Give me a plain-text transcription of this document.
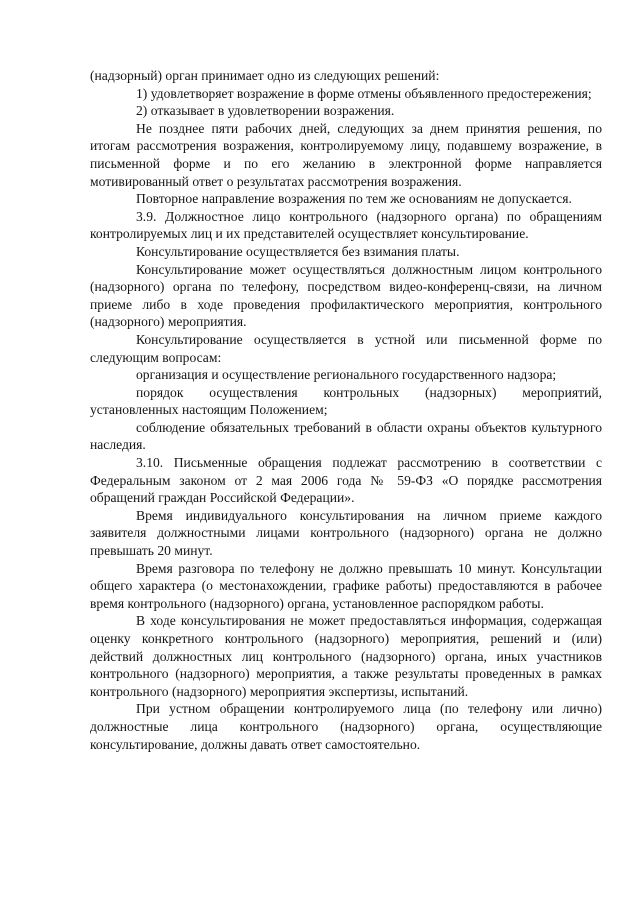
(надзорный) орган принимает одно из следующих решений:

1) удовлетворяет возражение в форме отмены объявленного предостережения;

2) отказывает в удовлетворении возражения.

Не позднее пяти рабочих дней, следующих за днем принятия решения, по итогам рассмотрения возражения, контролируемому лицу, подавшему возражение, в письменной форме и по его желанию в электронной форме направляется мотивированный ответ о результатах рассмотрения возражения.

Повторное направление возражения по тем же основаниям не допускается.

3.9. Должностное лицо контрольного (надзорного органа) по обращениям контролируемых лиц и их представителей осуществляет консультирование.

Консультирование осуществляется без взимания платы.

Консультирование может осуществляться должностным лицом контрольного (надзорного) органа по телефону, посредством видео-конференц-связи, на личном приеме либо в ходе проведения профилактического мероприятия, контрольного (надзорного) мероприятия.

Консультирование осуществляется в устной или письменной форме по следующим вопросам:

организация и осуществление регионального государственного надзора;

порядок осуществления контрольных (надзорных) мероприятий, установленных настоящим Положением;

соблюдение обязательных требований в области охраны объектов культурного наследия.

3.10. Письменные обращения подлежат рассмотрению в соответствии с Федеральным законом от 2 мая 2006 года № 59-ФЗ «О порядке рассмотрения обращений граждан Российской Федерации».

Время индивидуального консультирования на личном приеме каждого заявителя должностными лицами контрольного (надзорного) органа не должно превышать 20 минут.

Время разговора по телефону не должно превышать 10 минут. Консультации общего характера (о местонахождении, графике работы) предоставляются в рабочее время контрольного (надзорного) органа, установленное распорядком работы.

В ходе консультирования не может предоставляться информация, содержащая оценку конкретного контрольного (надзорного) мероприятия, решений и (или) действий должностных лиц контрольного (надзорного) органа, иных участников контрольного (надзорного) мероприятия, а также результаты проведенных в рамках контрольного (надзорного) мероприятия экспертизы, испытаний.

При устном обращении контролируемого лица (по телефону или лично) должностные лица контрольного (надзорного) органа, осуществляющие консультирование, должны давать ответ самостоятельно.
